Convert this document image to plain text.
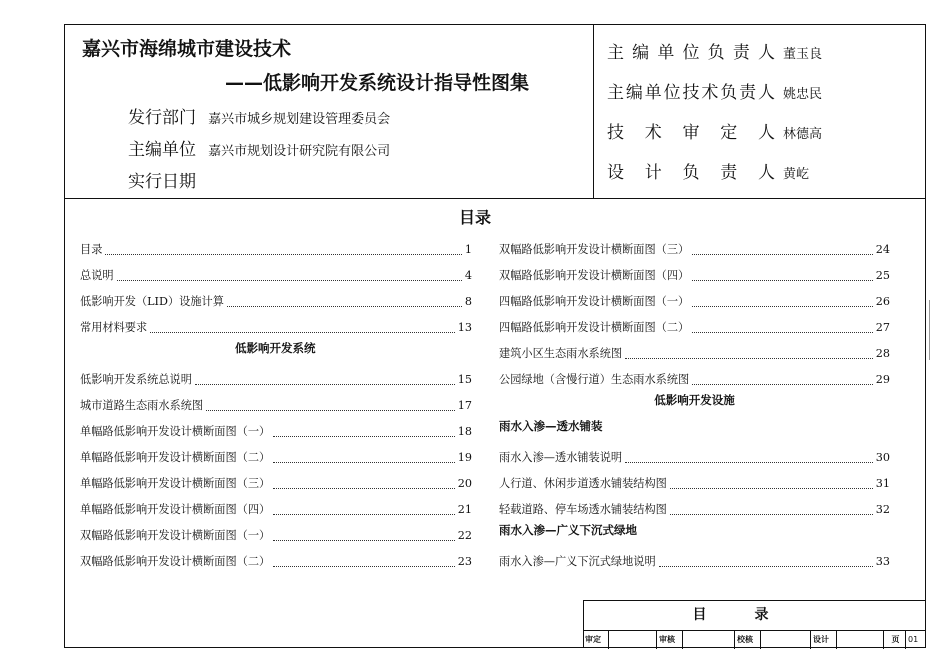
嘉兴市海绵城市建设技术
——低影响开发系统设计指导性图集
发行部门 嘉兴市城乡规划建设管理委员会
主编单位 嘉兴市规划设计研究院有限公司
实行日期
主编单位负责人 董玉良
主编单位技术负责人 姚忠民
技术审定人 林德高
设计负责人 黄屹
目录
目录	1
总说明	4
低影响开发（LID）设施计算	8
常用材料要求	13
低影响开发系统
低影响开发系统总说明	15
城市道路生态雨水系统图	17
单幅路低影响开发设计横断面图（一）	18
单幅路低影响开发设计横断面图（二）	19
单幅路低影响开发设计横断面图（三）	20
单幅路低影响开发设计横断面图（四）	21
双幅路低影响开发设计横断面图（一）	22
双幅路低影响开发设计横断面图（二）	23
双幅路低影响开发设计横断面图（三）	24
双幅路低影响开发设计横断面图（四）	25
四幅路低影响开发设计横断面图（一）	26
四幅路低影响开发设计横断面图（二）	27
建筑小区生态雨水系统图	28
公园绿地（含慢行道）生态雨水系统图	29
低影响开发设施
雨水入渗—透水铺装
雨水入渗—透水铺装说明	30
人行道、休闲步道透水铺装结构图	31
轻载道路、停车场透水铺装结构图	32
雨水入渗—广义下沉式绿地
雨水入渗—广义下沉式绿地说明	33
目录
审定	审核	校核	设计	页	01
